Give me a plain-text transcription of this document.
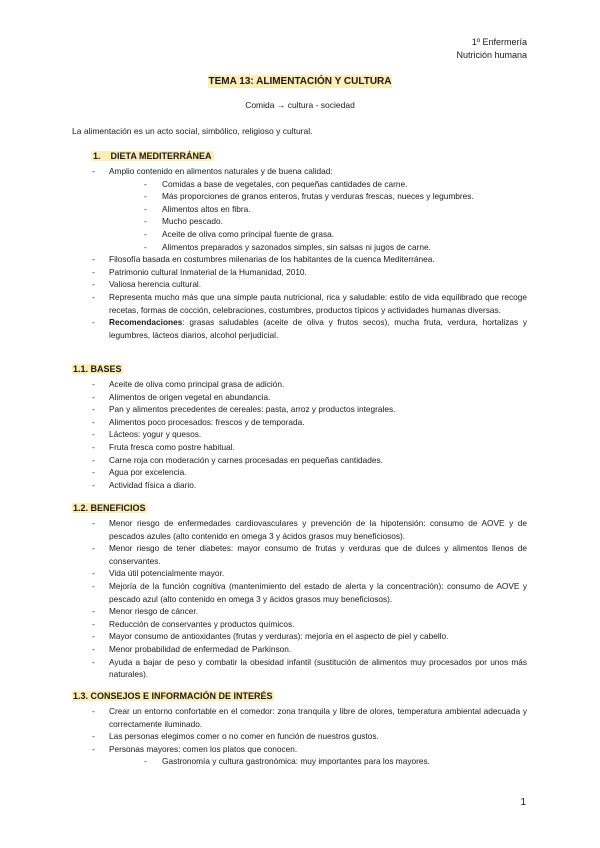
1º Enfermería
Nutrición humana
TEMA 13: ALIMENTACIÓN Y CULTURA
Comida → cultura - sociedad
La alimentación es un acto social, simbólico, religioso y cultural.
1. DIETA MEDITERRÁNEA
- Amplio contenido en alimentos naturales y de buena calidad:
- Comidas a base de vegetales, con pequeñas cantidades de carne.
- Más proporciones de granos enteros, frutas y verduras frescas, nueces y legumbres.
- Alimentos altos en fibra.
- Mucho pescado.
- Aceite de oliva como principal fuente de grasa.
- Alimentos preparados y sazonados simples, sin salsas ni jugos de carne.
- Filosofía basada en costumbres milenarias de los habitantes de la cuenca Mediterránea.
- Patrimonio cultural Inmaterial de la Humanidad, 2010.
- Valiosa herencia cultural.
- Representa mucho más que una simple pauta nutricional, rica y saludable: estilo de vida equilibrado que recoge recetas, formas de cocción, celebraciones, costumbres, productos típicos y actividades humanas diversas.
- Recomendaciones: grasas saludables (aceite de oliva y frutos secos), mucha fruta, verdura, hortalizas y legumbres, lácteos diarios, alcohol perjudicial.
1.1. BASES
- Aceite de oliva como principal grasa de adición.
- Alimentos de origen vegetal en abundancia.
- Pan y alimentos precedentes de cereales: pasta, arroz y productos integrales.
- Alimentos poco procesados: frescos y de temporada.
- Lácteos: yogur y quesos.
- Fruta fresca como postre habitual.
- Carne roja con moderación y carnes procesadas en pequeñas cantidades.
- Agua por excelencia.
- Actividad física a diario.
1.2. BENEFICIOS
- Menor riesgo de enfermedades cardiovasculares y prevención de la hipotensión: consumo de AOVE y de pescados azules (alto contenido en omega 3 y ácidos grasos muy beneficiosos).
- Menor riesgo de tener diabetes: mayor consumo de frutas y verduras que de dulces y alimentos llenos de conservantes.
- Vida útil potencialmente mayor.
- Mejoría de la función cognitiva (mantenimiento del estado de alerta y la concentración): consumo de AOVE y pescado azul (alto contenido en omega 3 y ácidos grasos muy beneficiosos).
- Menor riesgo de cáncer.
- Reducción de conservantes y productos químicos.
- Mayor consumo de antioxidantes (frutas y verduras): mejoría en el aspecto de piel y cabello.
- Menor probabilidad de enfermedad de Parkinson.
- Ayuda a bajar de peso y combatir la obesidad infantil (sustitución de alimentos muy procesados por unos más naturales).
1.3. CONSEJOS E INFORMACIÓN DE INTERÉS
- Crear un entorno confortable en el comedor: zona tranquila y libre de olores, temperatura ambiental adecuada y correctamente iluminado.
- Las personas elegimos comer o no comer en función de nuestros gustos.
- Personas mayores: comen los platos que conocen.
- Gastronomía y cultura gastronómica: muy importantes para los mayores.
1
